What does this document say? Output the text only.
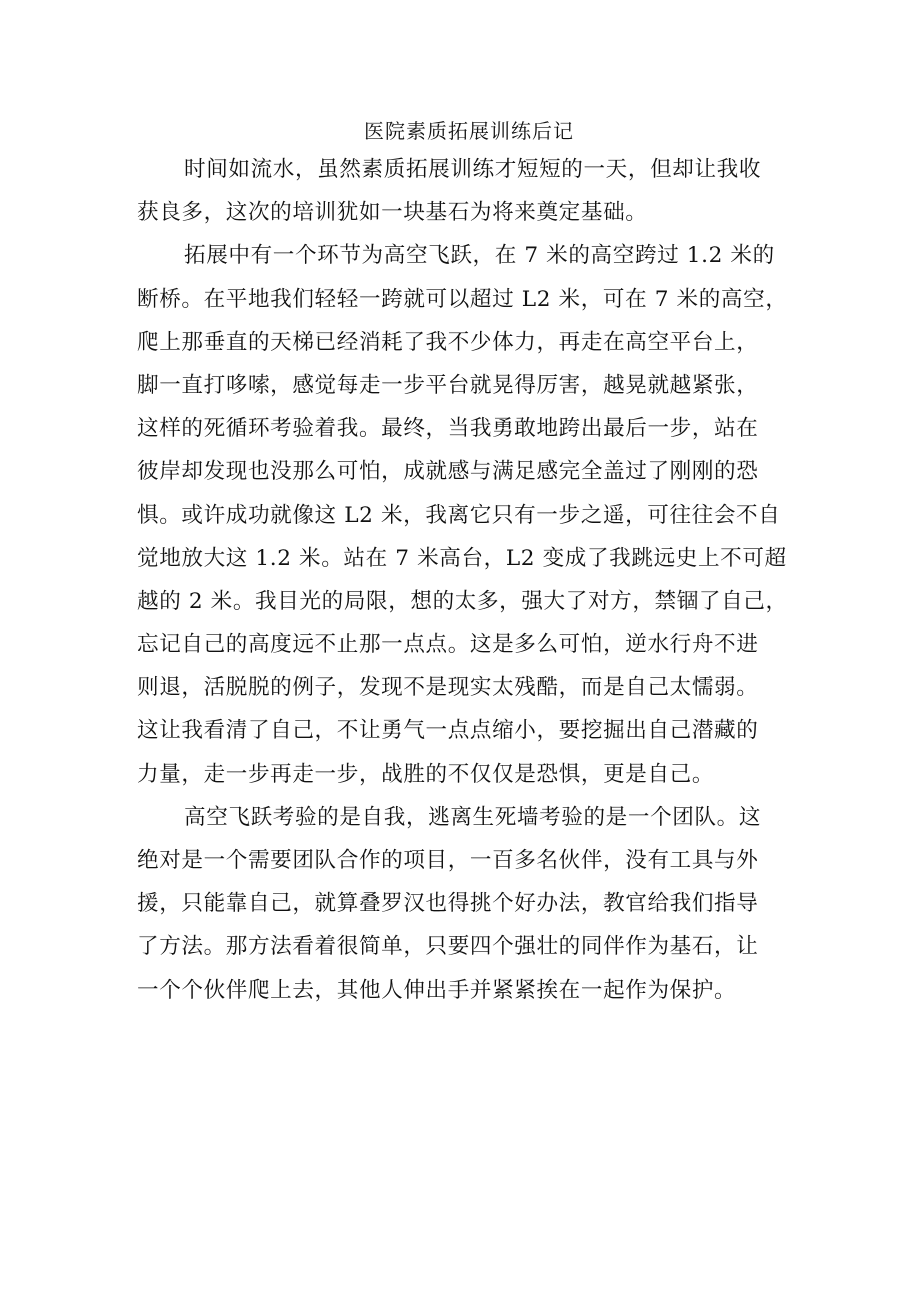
医院素质拓展训练后记
时间如流水，虽然素质拓展训练才短短的一天，但却让我收
获良多，这次的培训犹如一块基石为将来奠定基础。
拓展中有一个环节为高空飞跃，在 7 米的高空跨过 1.2 米的
断桥。在平地我们轻轻一跨就可以超过 L2 米，可在 7 米的高空，
爬上那垂直的天梯已经消耗了我不少体力，再走在高空平台上，
脚一直打哆嗦，感觉每走一步平台就晃得厉害，越晃就越紧张，
这样的死循环考验着我。最终，当我勇敢地跨出最后一步，站在
彼岸却发现也没那么可怕，成就感与满足感完全盖过了刚刚的恐
惧。或许成功就像这 L2 米，我离它只有一步之遥，可往往会不自
觉地放大这 1.2 米。站在 7 米高台，L2 变成了我跳远史上不可超
越的 2 米。我目光的局限，想的太多，强大了对方，禁锢了自己，
忘记自己的高度远不止那一点点。这是多么可怕，逆水行舟不进
则退，活脱脱的例子，发现不是现实太残酷，而是自己太懦弱。
这让我看清了自己，不让勇气一点点缩小，要挖掘出自己潜藏的
力量，走一步再走一步，战胜的不仅仅是恐惧，更是自己。
高空飞跃考验的是自我，逃离生死墙考验的是一个团队。这
绝对是一个需要团队合作的项目，一百多名伙伴，没有工具与外
援，只能靠自己，就算叠罗汉也得挑个好办法，教官给我们指导
了方法。那方法看着很简单，只要四个强壮的同伴作为基石，让
一个个伙伴爬上去，其他人伸出手并紧紧挨在一起作为保护。
